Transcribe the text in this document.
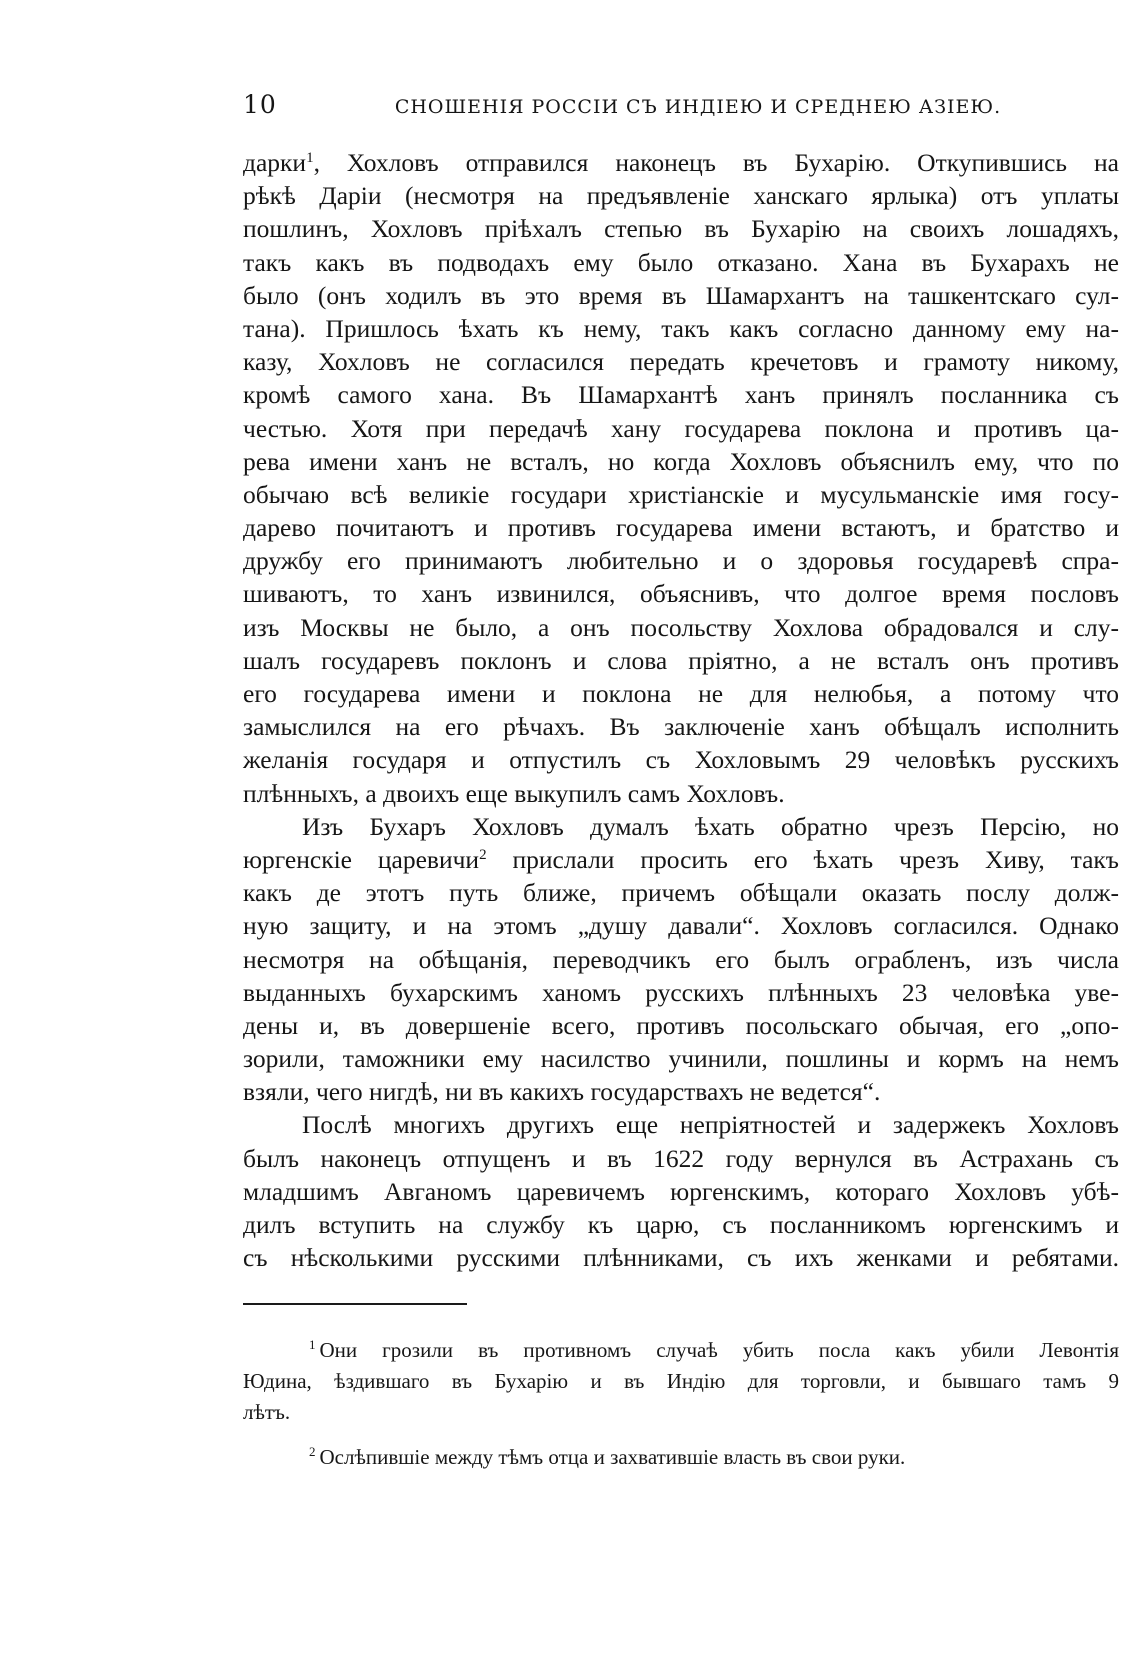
10	СНОШЕНІЯ РОССІИ СЪ ИНДІЕЮ И СРЕДНЕЮ АЗІЕЮ.
дарки$^1$, Хохловъ отправился наконецъ въ Бухарію. Откупившись на
рѣкѣ Даріи (несмотря на предъявленіе ханскаго ярлыка) отъ уплаты
пошлинъ, Хохловъ пріѣхалъ степью въ Бухарію на своихъ лошадяхъ,
такъ какъ въ подводахъ ему было отказано. Хана въ Бухарахъ не
было (онъ ходилъ въ это время въ Шамархантъ на ташкентскаго сул-
тана). Пришлось ѣхать къ нему, такъ какъ согласно данному ему на-
казу, Хохловъ не согласился передать кречетовъ и грамоту никому,
кромѣ самого хана. Въ Шамархантѣ ханъ принялъ посланника съ
честью. Хотя при передачѣ хану государева поклона и противъ ца-
рева имени ханъ не всталъ, но когда Хохловъ объяснилъ ему, что по
обычаю всѣ великіе государи христіанскіе и мусульманскіе имя госу-
дарево почитаютъ и противъ государева имени встаютъ, и братство и
дружбу его принимаютъ любительно и о здоровья государевѣ спра-
шиваютъ, то ханъ извинился, объяснивъ, что долгое время пословъ
изъ Москвы не было, а онъ посольству Хохлова обрадовался и слу-
шалъ государевъ поклонъ и слова пріятно, а не всталъ онъ противъ
его государева имени и поклона не для нелюбья, а потому что
замыслился на его рѣчахъ. Въ заключеніе ханъ обѣщалъ исполнить
желанія государя и отпустилъ съ Хохловымъ 29 человѣкъ русскихъ
плѣнныхъ, а двоихъ еще выкупилъ самъ Хохловъ.
Изъ Бухаръ Хохловъ думалъ ѣхать обратно чрезъ Персію, но
юргенскіе царевичи$^2$ прислали просить его ѣхать чрезъ Хиву, такъ
какъ де этотъ путь ближе, причемъ обѣщали оказать послу долж-
ную защиту, и на этомъ „душу давали“. Хохловъ согласился. Однако
несмотря на обѣщанія, переводчикъ его былъ ограбленъ, изъ числа
выданныхъ бухарскимъ ханомъ русскихъ плѣнныхъ 23 человѣка уве-
дены и, въ довершеніе всего, противъ посольскаго обычая, его „опо-
зорили, таможники ему насилство учинили, пошлины и кормъ на немъ
взяли, чего нигдѣ, ни въ какихъ государствахъ не ведется“.
Послѣ многихъ другихъ еще непріятностей и задержекъ Хохловъ
былъ наконецъ отпущенъ и въ 1622 году вернулся въ Астрахань съ
младшимъ Авганомъ царевичемъ юргенскимъ, котораго Хохловъ убѣ-
дилъ вступить на службу къ царю, съ посланникомъ юргенскимъ и
съ нѣсколькими русскими плѣнниками, съ ихъ женками и ребятами.
$^1$ Они грозили въ противномъ случаѣ убить посла какъ убили Левонтія
Юдина, ѣздившаго въ Бухарію и въ Индію для торговли, и бывшаго тамъ 9
лѣтъ.
$^2$ Ослѣпившіе между тѣмъ отца и захватившіе власть въ свои руки.
